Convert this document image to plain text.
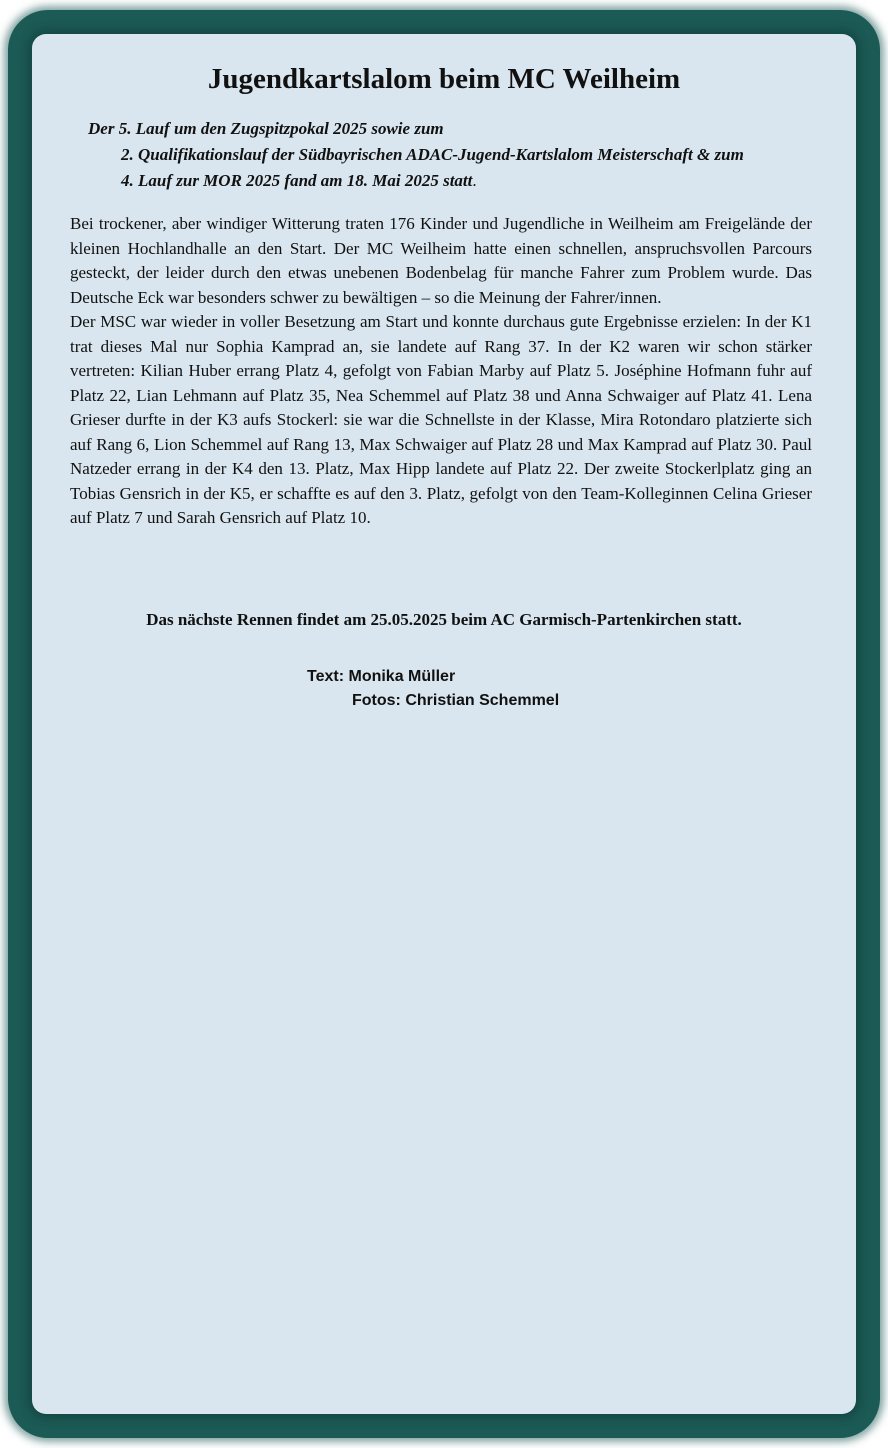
Jugendkartslalom beim MC Weilheim
Der 5. Lauf um den Zugspitzpokal 2025 sowie zum
2. Qualifikationslauf der Südbayrischen ADAC-Jugend-Kartslalom Meisterschaft & zum
4. Lauf zur MOR 2025 fand am 18. Mai 2025 statt.

Bei trockener, aber windiger Witterung traten 176 Kinder und Jugendliche in Weilheim am Freigelände der kleinen Hochlandhalle an den Start. Der MC Weilheim hatte einen schnellen, anspruchsvollen Parcours gesteckt, der leider durch den etwas unebenen Bodenbelag für manche Fahrer zum Problem wurde. Das Deutsche Eck war besonders schwer zu bewältigen – so die Meinung der Fahrer/innen.

Der MSC war wieder in voller Besetzung am Start und konnte durchaus gute Ergebnisse erzielen: In der K1 trat dieses Mal nur Sophia Kamprad an, sie landete auf Rang 37. In der K2 waren wir schon stärker vertreten: Kilian Huber errang Platz 4, gefolgt von Fabian Marby auf Platz 5. Joséphine Hofmann fuhr auf Platz 22, Lian Lehmann auf Platz 35, Nea Schemmel auf Platz 38 und Anna Schwaiger auf Platz 41. Lena Grieser durfte in der K3 aufs Stockerl: sie war die Schnellste in der Klasse, Mira Rotondaro platzierte sich auf Rang 6, Lion Schemmel auf Rang 13, Max Schwaiger auf Platz 28 und Max Kamprad auf Platz 30. Paul Natzeder errang in der K4 den 13. Platz, Max Hipp landete auf Platz 22. Der zweite Stockerlplatz ging an Tobias Gensrich in der K5, er schaffte es auf den 3. Platz, gefolgt von den Team-Kolleginnen Celina Grieser auf Platz 7 und Sarah Gensrich auf Platz 10.

Das nächste Rennen findet am 25.05.2025 beim AC Garmisch-Partenkirchen statt.
Text: Monika Müller
Fotos: Christian Schemmel
